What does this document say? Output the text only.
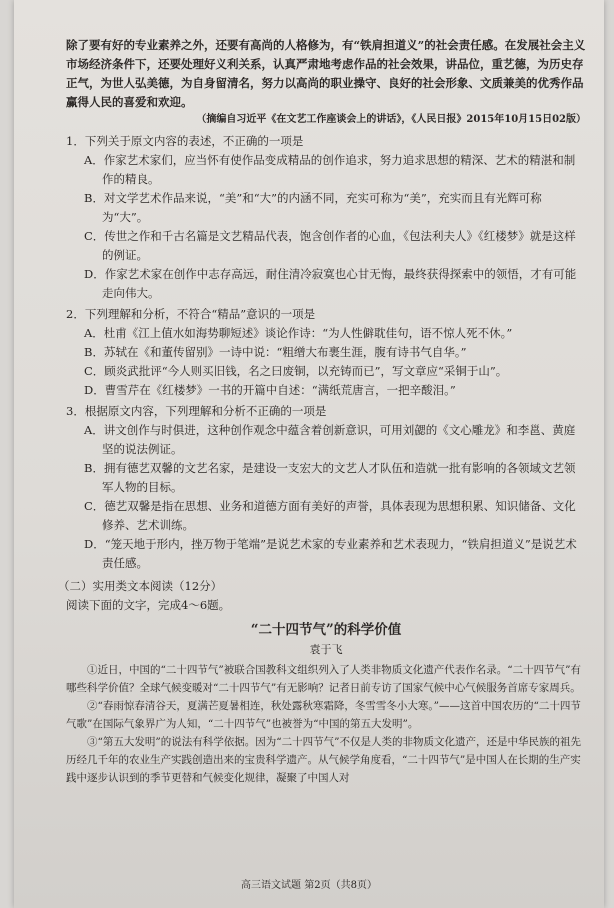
除了要有好的专业素养之外，还要有高尚的人格修为，有“铁肩担道义”的社会责任感。在发展社会主义市场经济条件下，还要处理好义利关系，认真严肃地考虑作品的社会效果，讲品位，重艺德，为历史存正气，为世人弘美德，为自身留清名，努力以高尚的职业操守、良好的社会形象、文质兼美的优秀作品赢得人民的喜爱和欢迎。

（摘编自习近平《在文艺工作座谈会上的讲话》，《人民日报》2015年10月15日02版）

1．下列关于原文内容的表述，不正确的一项是

A．作家艺术家们，应当怀有使作品变成精品的创作追求，努力追求思想的精深、艺术的精湛和制作的精良。

B．对文学艺术作品来说，“美”和“大”的内涵不同，充实可称为“美”，充实而且有光辉可称为“大”。

C．传世之作和千古名篇是文艺精品代表，饱含创作者的心血，《包法利夫人》《红楼梦》就是这样的例证。

D．作家艺术家在创作中志存高远，耐住清冷寂寞也心甘无悔，最终获得探索中的领悟，才有可能走向伟大。

2．下列理解和分析，不符合“精品”意识的一项是

A．杜甫《江上值水如海势聊短述》谈论作诗：“为人性僻耽佳句，语不惊人死不休。”

B．苏轼在《和董传留别》一诗中说：“粗缯大布裹生涯，腹有诗书气自华。”

C．顾炎武批评“今人则买旧钱，名之曰废铜，以充铸而已”，写文章应“采铜于山”。

D．曹雪芹在《红楼梦》一书的开篇中自述：“满纸荒唐言，一把辛酸泪。”

3．根据原文内容，下列理解和分析不正确的一项是

A．讲文创作与时俱进，这种创作观念中蕴含着创新意识，可用刘勰的《文心雕龙》和李邕、黄庭坚的说法例证。

B．拥有德艺双馨的文艺名家，是建设一支宏大的文艺人才队伍和造就一批有影响的各领域文艺领军人物的目标。

C．德艺双馨是指在思想、业务和道德方面有美好的声誉，具体表现为思想积累、知识储备、文化修养、艺术训练。

D．“笼天地于形内，挫万物于笔端”是说艺术家的专业素养和艺术表现力，“铁肩担道义”是说艺术责任感。

（二）实用类文本阅读（12分）

阅读下面的文字，完成4～6题。

“二十四节气”的科学价值

袁于飞

①近日，中国的“二十四节气”被联合国教科文组织列入了人类非物质文化遗产代表作名录。“二十四节气”有哪些科学价值？全球气候变暖对“二十四节气”有无影响？记者日前专访了国家气候中心气候服务首席专家周兵。

②“春雨惊春清谷天，夏满芒夏暑相连，秋处露秋寒霜降，冬雪雪冬小大寒。”——这首中国农历的“二十四节气歌”在国际气象界广为人知，“二十四节气”也被誉为“中国的第五大发明”。

③“第五大发明”的说法有科学依据。因为“二十四节气”不仅是人类的非物质文化遗产，还是中华民族的祖先历经几千年的农业生产实践创造出来的宝贵科学遗产。从气候学角度看，“二十四节气”是中国人在长期的生产实践中逐步认识到的季节更替和气候变化规律，凝聚了中国人对

高三语文试题 第2页（共8页）
